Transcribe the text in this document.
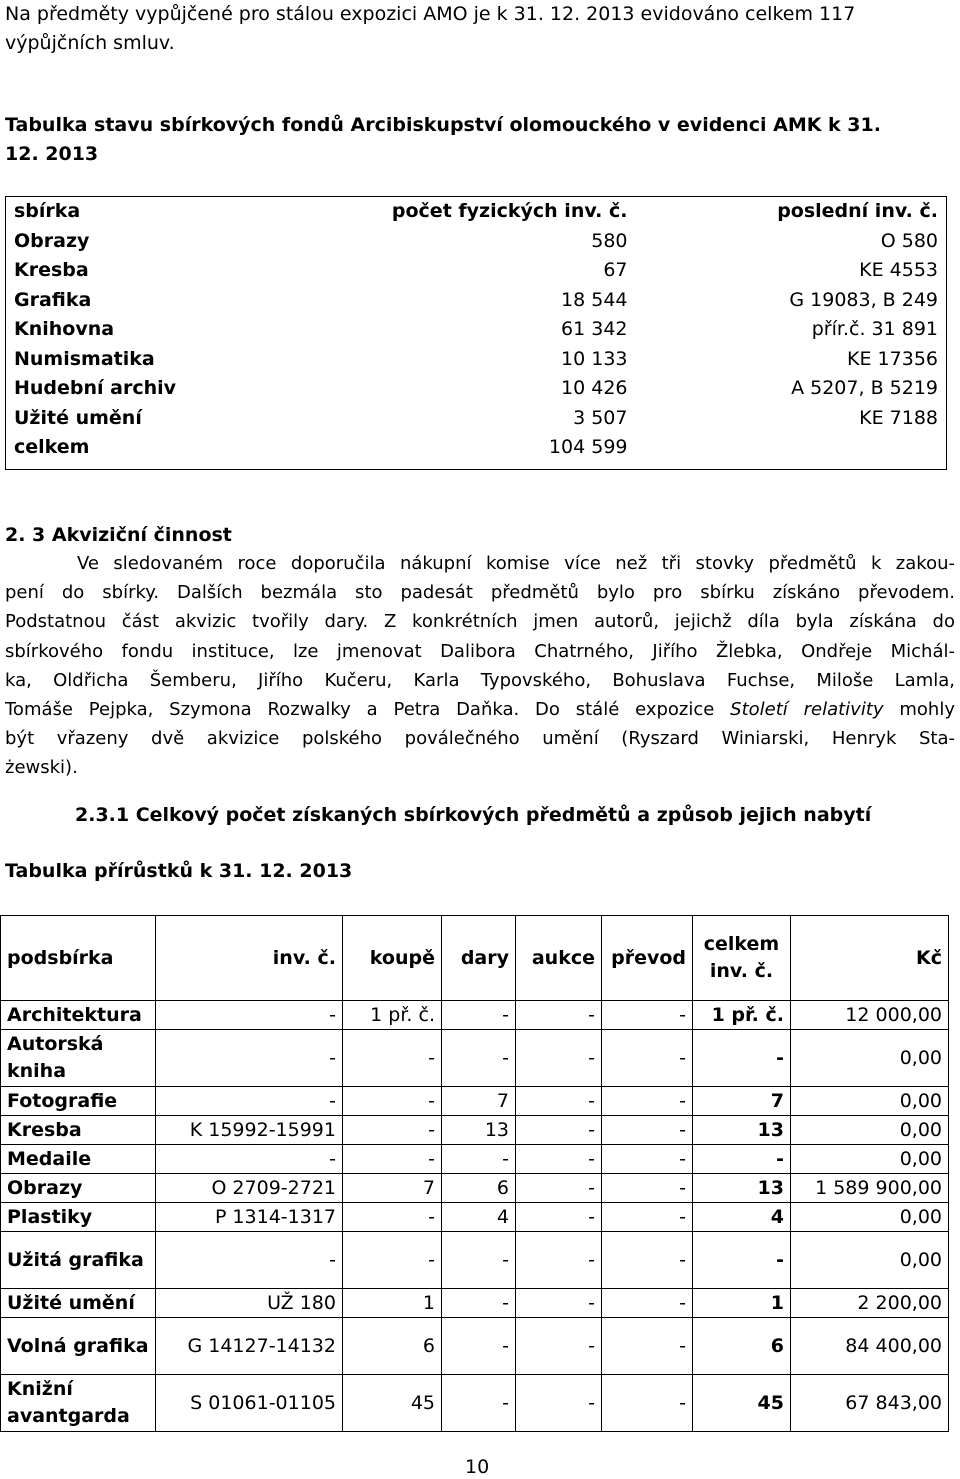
Na předměty vypůjčené pro stálou expozici AMO je k 31. 12. 2013 evidováno celkem 117
výpůjčních smluv.
Tabulka stavu sbírkových fondů Arcibiskupství olomouckého v evidenci AMK k 31.
12. 2013
sbírka	počet fyzických inv. č.	poslední inv. č.
Obrazy	580	O 580
Kresba	67	KE 4553
Grafika	18 544	G 19083, B 249
Knihovna	61 342	přír.č. 31 891
Numismatika	10 133	KE 17356
Hudební archiv	10 426	A 5207, B 5219
Užité umění	3 507	KE 7188
celkem	104 599	
2. 3 Akviziční činnost
Ve sledovaném roce doporučila nákupní komise více než tři stovky předmětů k zakou-
pení do sbírky. Dalších bezmála sto padesát předmětů bylo pro sbírku získáno převodem.
Podstatnou část akvizic tvořily dary. Z konkrétních jmen autorů, jejichž díla byla získána do
sbírkového fondu instituce, lze jmenovat Dalibora Chatrného, Jiřího Žlebka, Ondřeje Michál-
ka, Oldřicha Šemberu, Jiřího Kučeru, Karla Typovského, Bohuslava Fuchse, Miloše Lamla,
Tomáše Pejpka, Szymona Rozwalky a Petra Daňka. Do stálé expozice Století relativity mohly
být vřazeny dvě akvizice polského poválečného umění (Ryszard Winiarski, Henryk Sta-
żewski).
2.3.1 Celkový počet získaných sbírkových předmětů a způsob jejich nabytí
Tabulka přírůstků k 31. 12. 2013
podsbírka	inv. č.	koupě	dary	aukce	převod	celkem inv. č.	Kč
Architektura	-	1 př. č.	-	-	-	1 př. č.	12 000,00
Autorská kniha	-	-	-	-	-	-	0,00
Fotografie	-	-	7	-	-	7	0,00
Kresba	K 15992-15991	-	13	-	-	13	0,00
Medaile	-	-	-	-	-	-	0,00
Obrazy	O 2709-2721	7	6	-	-	13	1 589 900,00
Plastiky	P 1314-1317	-	4	-	-	4	0,00
Užitá grafika	-	-	-	-	-	-	0,00
Užité umění	UŽ 180	1	-	-	-	1	2 200,00
Volná grafika	G 14127-14132	6	-	-	-	6	84 400,00
Knižní avantgarda	S 01061-01105	45	-	-	-	45	67 843,00
10
